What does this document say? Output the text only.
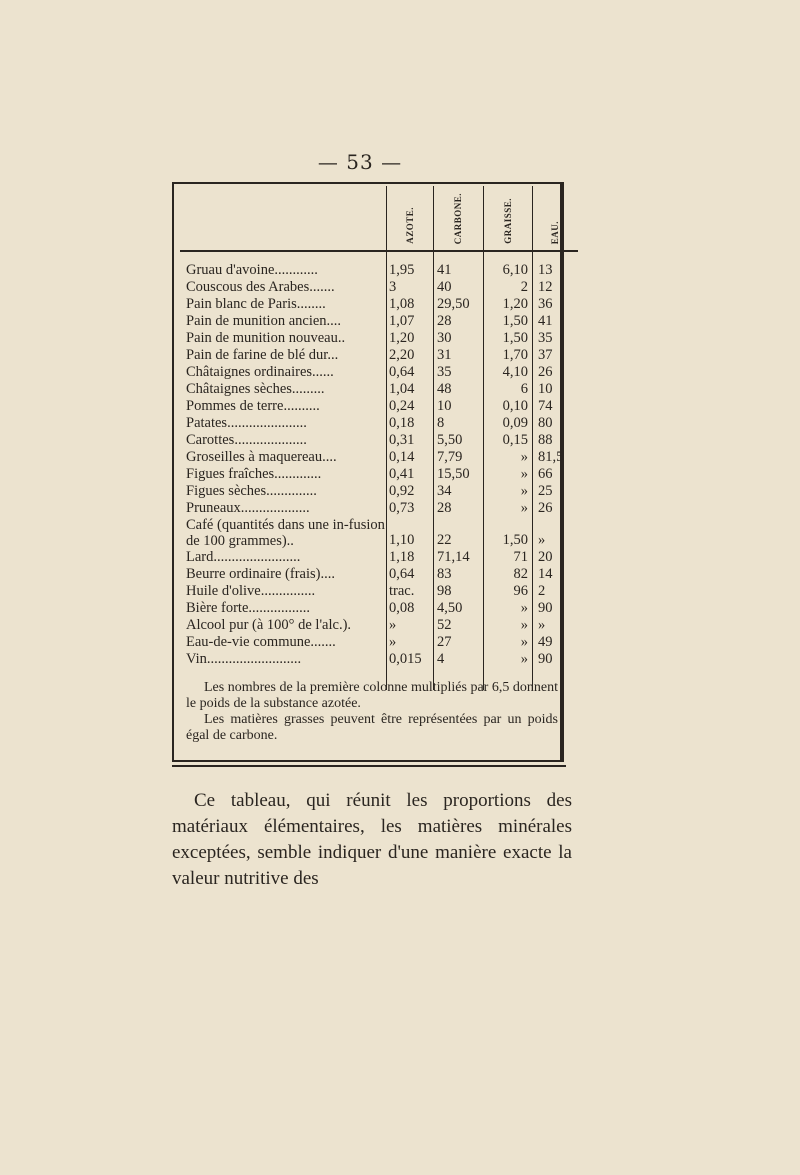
— 53 —
	AZOTE.	CARBONE.	GRAISSE.	EAU.

Gruau d'avoine............	1,95	41	6,10	13
Couscous des Arabes.......	3	40	2	12
Pain blanc de Paris........	1,08	29,50	1,20	36
Pain de munition ancien....	1,07	28	1,50	41
Pain de munition nouveau..	1,20	30	1,50	35
Pain de farine de blé dur...	2,20	31	1,70	37
Châtaignes ordinaires......	0,64	35	4,10	26
Châtaignes sèches.........	1,04	48	6	10
Pommes de terre..........	0,24	10	0,10	74
Patates......................	0,18	8	0,09	80
Carottes....................	0,31	5,50	0,15	88
Groseilles à maquereau....	0,14	7,79	»	81,5
Figues fraîches.............	0,41	15,50	»	66
Figues sèches..............	0,92	34	»	25
Pruneaux...................	0,73	28	»	26
Café (quantités dans une in-fusion de 100 grammes)..	1,10	22	1,50	»
Lard........................	1,18	71,14	71	20
Beurre ordinaire (frais)....	0,64	83	82	14
Huile d'olive...............	trac.	98	96	2
Bière forte.................	0,08	4,50	»	90
Alcool pur (à 100° de l'alc.).	»	52	»	»
Eau-de-vie commune.......	»	27	»	49
Vin..........................	0,015	4	»	90

Les nombres de la première colonne multipliés par 6,5 donnent le poids de la substance azotée.

Les matières grasses peuvent être représentées par un poids égal de carbone.

Ce tableau, qui réunit les proportions des matériaux élémentaires, les matières minérales exceptées, semble indiquer d'une manière exacte la valeur nutritive des
